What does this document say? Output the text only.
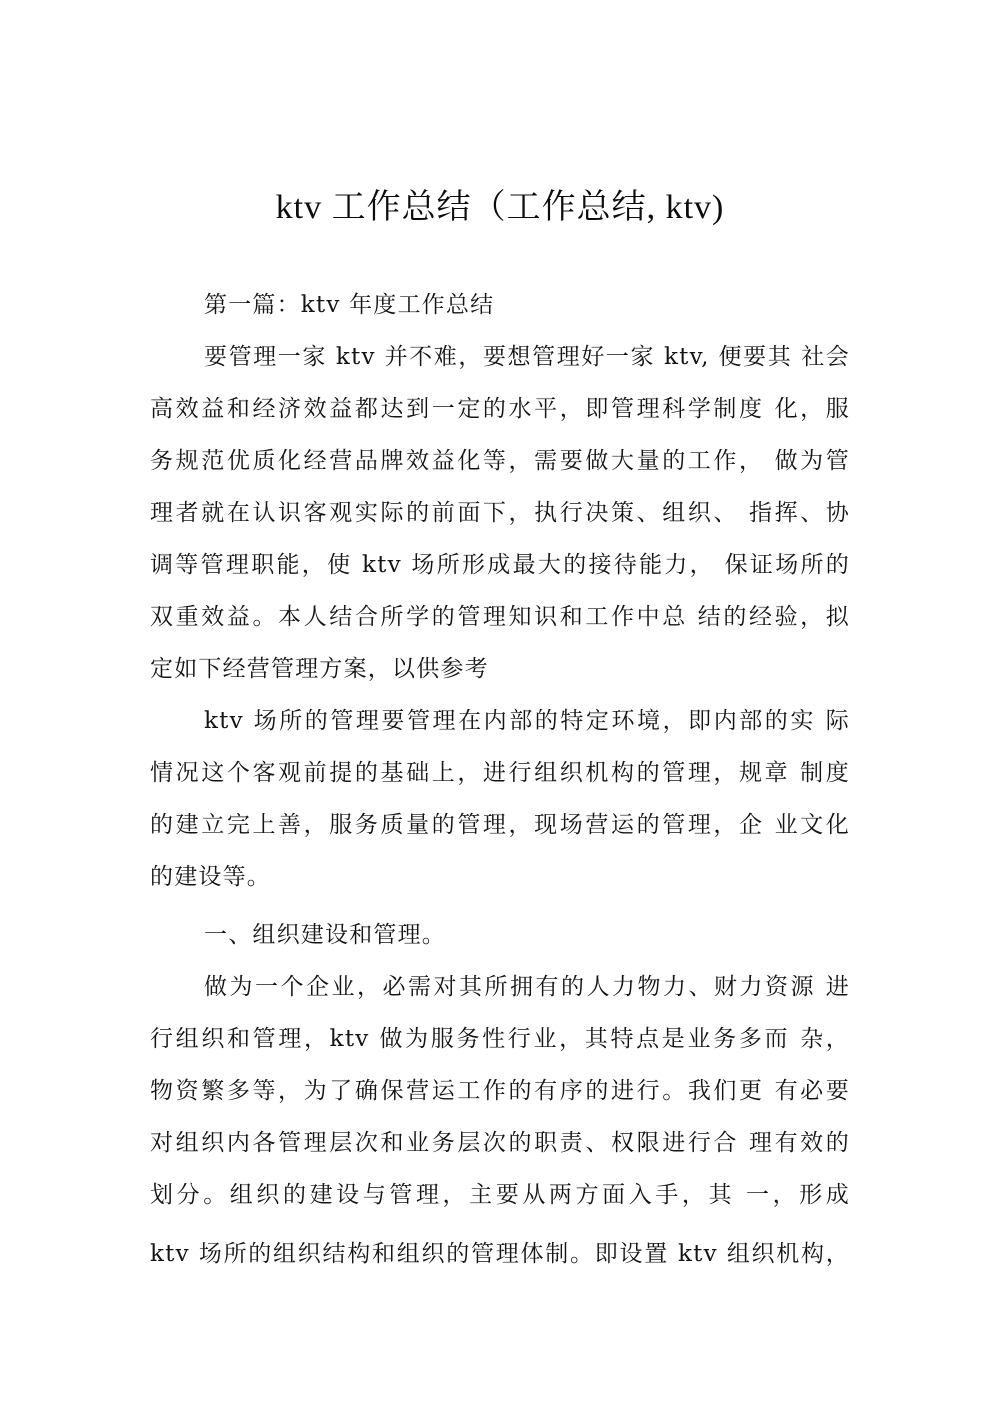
ktv 工作总结（工作总结, ktv)
第一篇：ktv 年度工作总结
要管理一家 ktv 并不难，要想管理好一家 ktv, 便要其 社会
高效益和经济效益都达到一定的水平，即管理科学制度 化，服
务规范优质化经营品牌效益化等，需要做大量的工作， 做为管
理者就在认识客观实际的前面下，执行决策、组织、 指挥、协
调等管理职能，使 ktv 场所形成最大的接待能力， 保证场所的
双重效益。本人结合所学的管理知识和工作中总 结的经验，拟
定如下经营管理方案，以供参考
ktv 场所的管理要管理在内部的特定环境，即内部的实 际
情况这个客观前提的基础上，进行组织机构的管理，规章 制度
的建立完上善，服务质量的管理，现场营运的管理，企 业文化
的建设等。
一、组织建设和管理。
做为一个企业，必需对其所拥有的人力物力、财力资源 进
行组织和管理，ktv 做为服务性行业，其特点是业务多而 杂，
物资繁多等，为了确保营运工作的有序的进行。我们更 有必要
对组织内各管理层次和业务层次的职责、权限进行合 理有效的
划分。组织的建设与管理，主要从两方面入手，其 一，形成
ktv 场所的组织结构和组织的管理体制。即设置 ktv 组织机构，
